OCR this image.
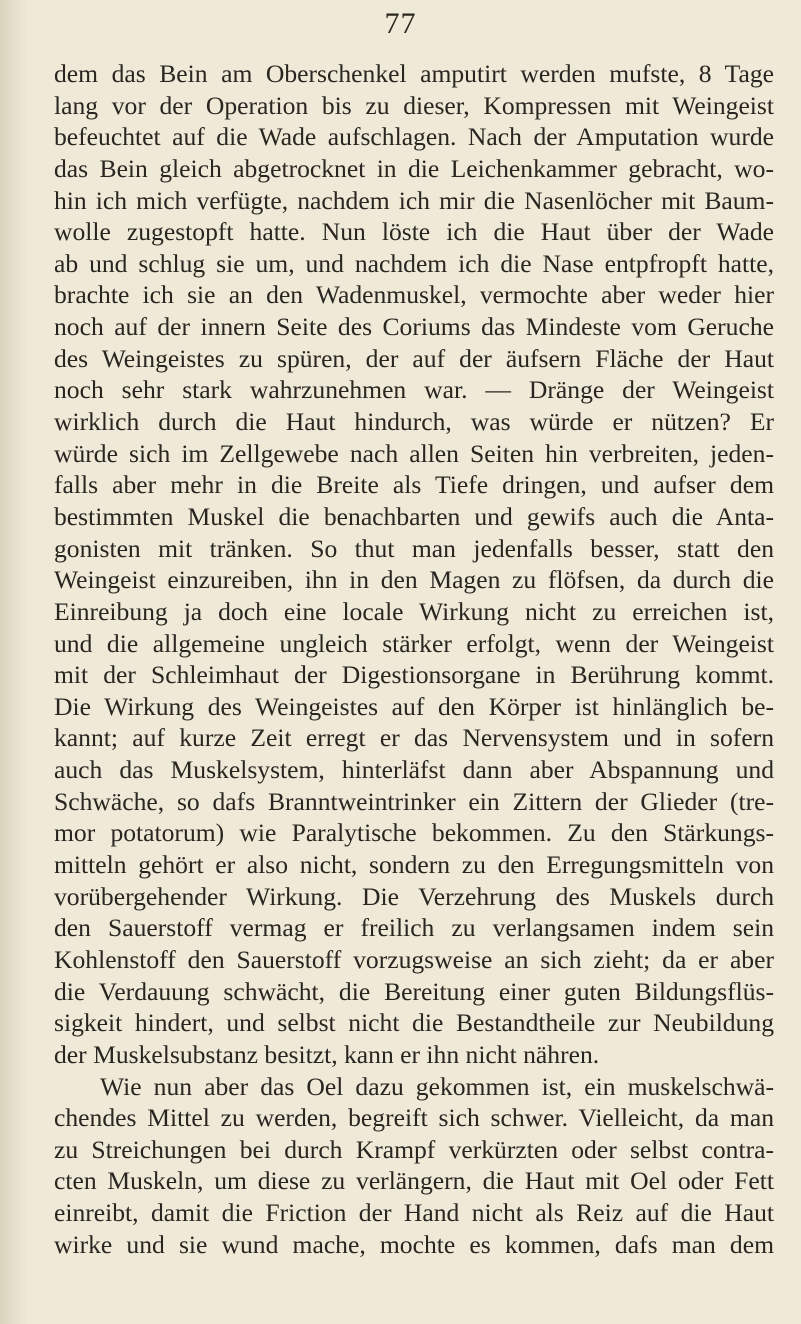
77
dem das Bein am Oberschenkel amputirt werden mufste, 8 Tage
lang vor der Operation bis zu dieser, Kompressen mit Weingeist
befeuchtet auf die Wade aufschlagen. Nach der Amputation wurde
das Bein gleich abgetrocknet in die Leichenkammer gebracht, wo-
hin ich mich verfügte, nachdem ich mir die Nasenlöcher mit Baum-
wolle zugestopft hatte. Nun löste ich die Haut über der Wade
ab und schlug sie um, und nachdem ich die Nase entpfropft hatte,
brachte ich sie an den Wadenmuskel, vermochte aber weder hier
noch auf der innern Seite des Coriums das Mindeste vom Geruche
des Weingeistes zu spüren, der auf der äufsern Fläche der Haut
noch sehr stark wahrzunehmen war. — Dränge der Weingeist
wirklich durch die Haut hindurch, was würde er nützen? Er
würde sich im Zellgewebe nach allen Seiten hin verbreiten, jeden-
falls aber mehr in die Breite als Tiefe dringen, und aufser dem
bestimmten Muskel die benachbarten und gewifs auch die Anta-
gonisten mit tränken. So thut man jedenfalls besser, statt den
Weingeist einzureiben, ihn in den Magen zu flöfsen, da durch die
Einreibung ja doch eine locale Wirkung nicht zu erreichen ist,
und die allgemeine ungleich stärker erfolgt, wenn der Weingeist
mit der Schleimhaut der Digestionsorgane in Berührung kommt.
Die Wirkung des Weingeistes auf den Körper ist hinlänglich be-
kannt; auf kurze Zeit erregt er das Nervensystem und in sofern
auch das Muskelsystem, hinterläfst dann aber Abspannung und
Schwäche, so dafs Branntweintrinker ein Zittern der Glieder (tre-
mor potatorum) wie Paralytische bekommen. Zu den Stärkungs-
mitteln gehört er also nicht, sondern zu den Erregungsmitteln von
vorübergehender Wirkung. Die Verzehrung des Muskels durch
den Sauerstoff vermag er freilich zu verlangsamen indem sein
Kohlenstoff den Sauerstoff vorzugsweise an sich zieht; da er aber
die Verdauung schwächt, die Bereitung einer guten Bildungsflüs-
sigkeit hindert, und selbst nicht die Bestandtheile zur Neubildung
der Muskelsubstanz besitzt, kann er ihn nicht nähren.
Wie nun aber das Oel dazu gekommen ist, ein muskelschwä-
chendes Mittel zu werden, begreift sich schwer. Vielleicht, da man
zu Streichungen bei durch Krampf verkürzten oder selbst contra-
cten Muskeln, um diese zu verlängern, die Haut mit Oel oder Fett
einreibt, damit die Friction der Hand nicht als Reiz auf die Haut
wirke und sie wund mache, mochte es kommen, dafs man dem
